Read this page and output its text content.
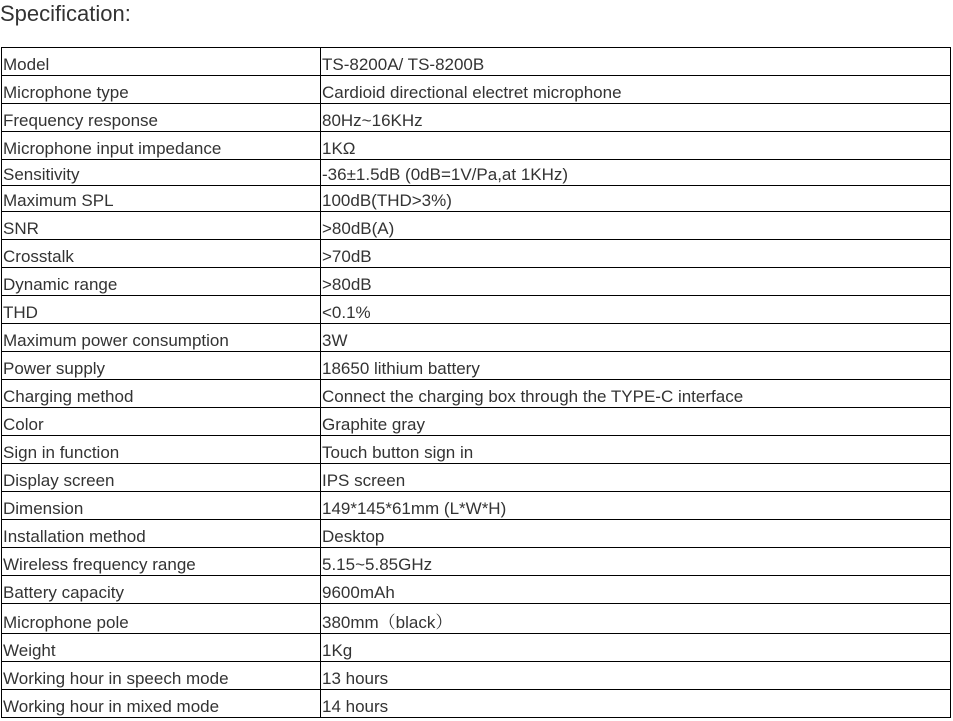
Specification:
Model	TS-8200A/ TS-8200B
Microphone type	Cardioid directional electret microphone
Frequency response	80Hz~16KHz
Microphone input impedance	1KΩ
Sensitivity	-36±1.5dB (0dB=1V/Pa,at 1KHz)
Maximum SPL	100dB(THD>3%)
SNR	>80dB(A)
Crosstalk	>70dB
Dynamic range	>80dB
THD	<0.1%
Maximum power consumption	3W
Power supply	18650 lithium battery
Charging method	Connect the charging box through the TYPE-C interface
Color	Graphite gray
Sign in function	Touch button sign in
Display screen	IPS screen
Dimension	149*145*61mm (L*W*H)
Installation method	Desktop
Wireless frequency range	5.15~5.85GHz
Battery capacity	9600mAh
Microphone pole	380mm（black）
Weight	1Kg
Working hour in speech mode	13 hours
Working hour in mixed mode	14 hours
